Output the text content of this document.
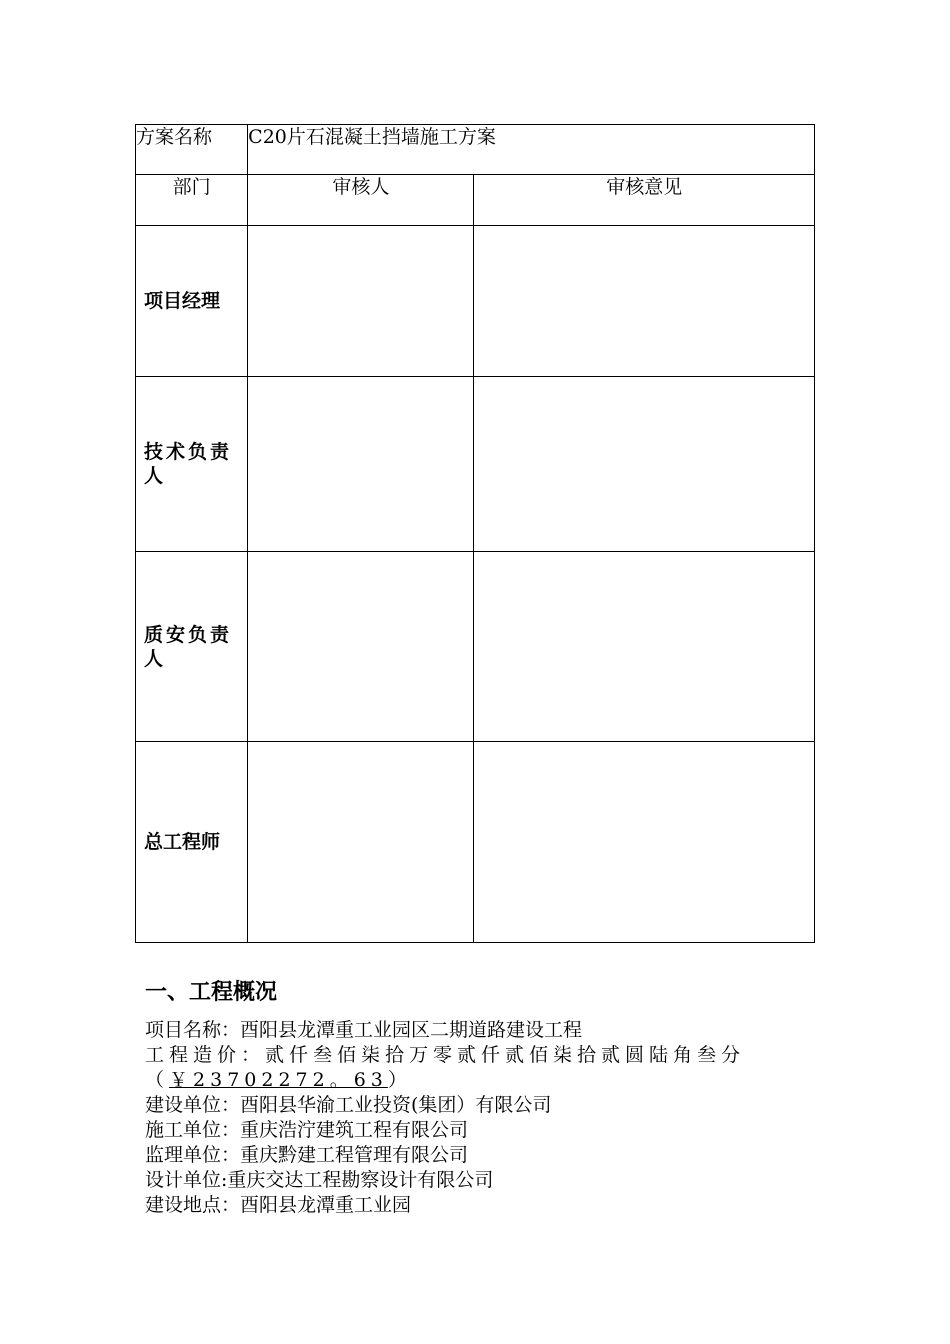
方案名称	C20片石混凝土挡墙施工方案	
部门	审核人	审核意见
项目经理		
技术负责人		
质安负责人		
总工程师		
一、工程概况
项目名称：酉阳县龙潭重工业园区二期道路建设工程
工程造价：贰仟叁佰柒拾万零贰仟贰佰柒拾贰圆陆角叁分（￥23702272。63）
建设单位：酉阳县华渝工业投资(集团）有限公司
施工单位：重庆浩泞建筑工程有限公司
监理单位：重庆黔建工程管理有限公司
设计单位:重庆交达工程勘察设计有限公司
建设地点：酉阳县龙潭重工业园
